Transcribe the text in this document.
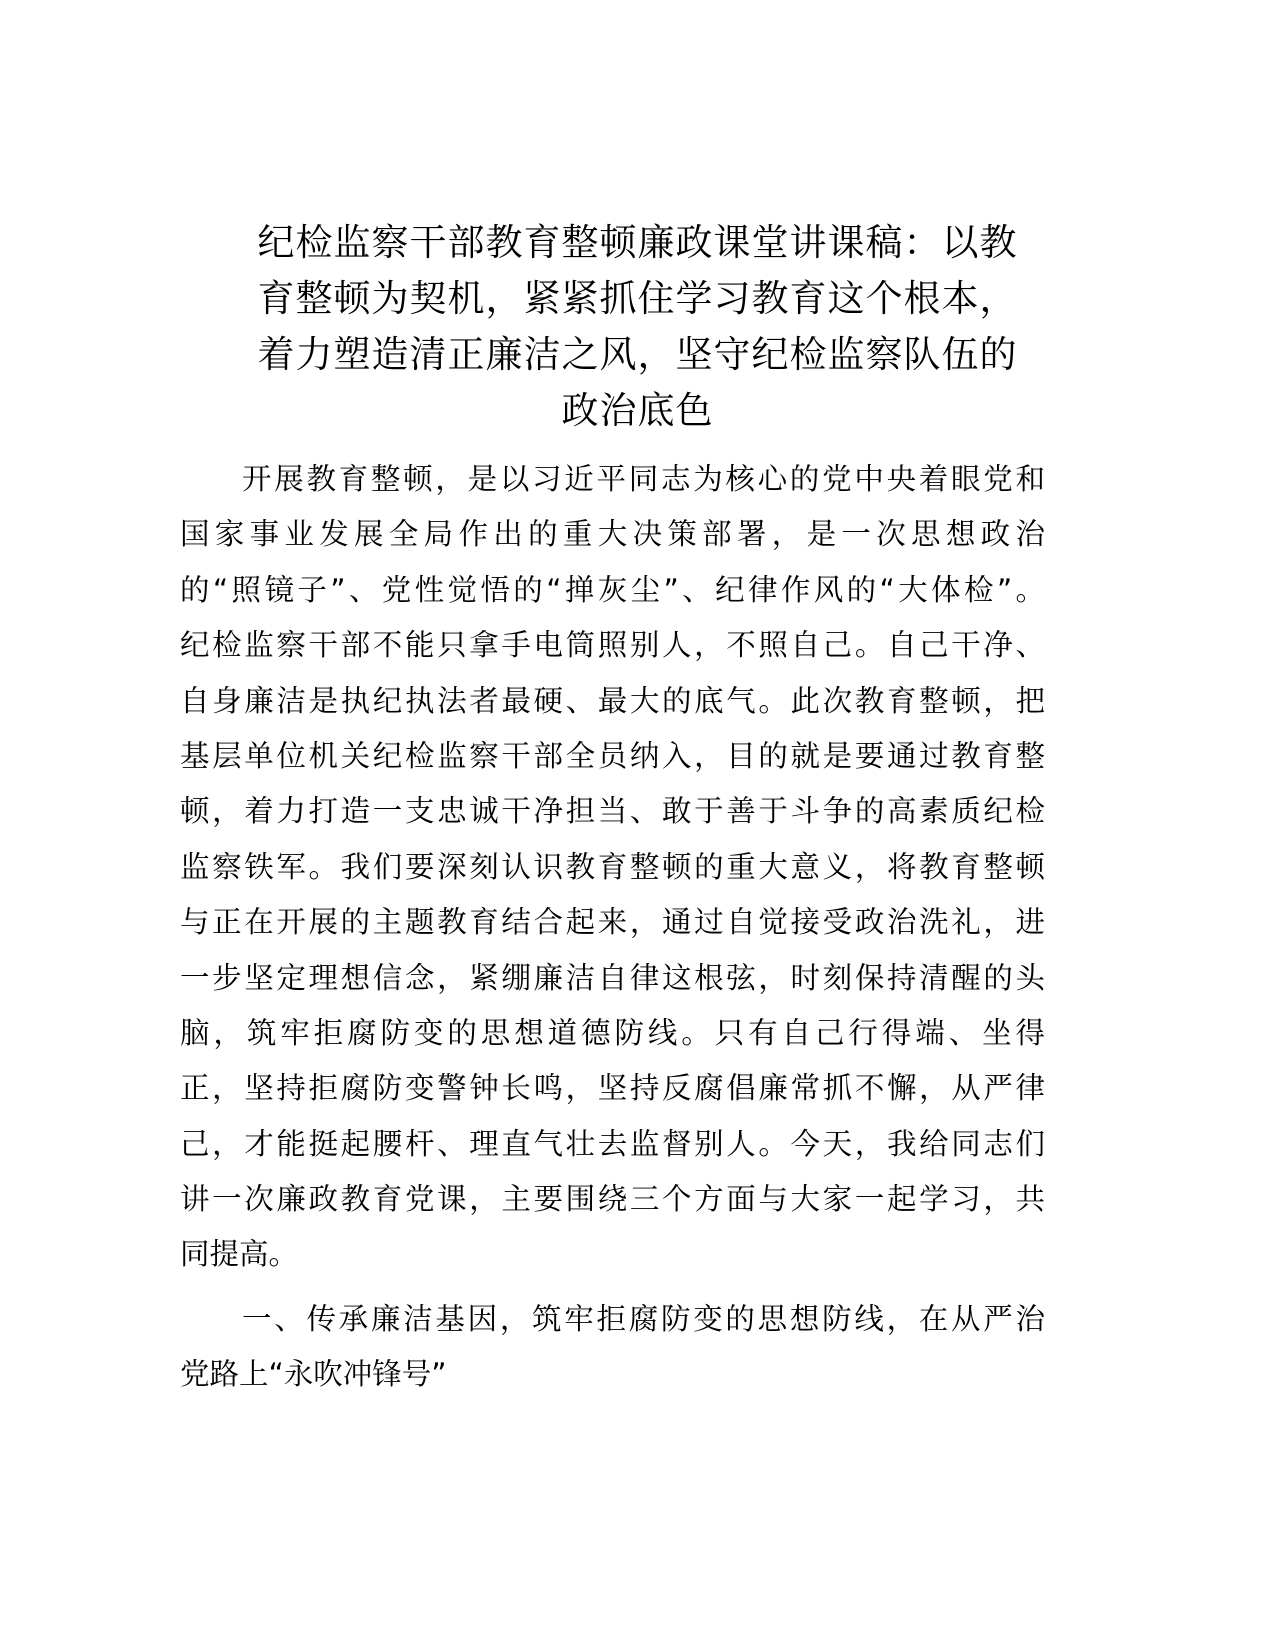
纪检监察干部教育整顿廉政课堂讲课稿：以教
育整顿为契机，紧紧抓住学习教育这个根本，
着力塑造清正廉洁之风，坚守纪检监察队伍的
政治底色
开展教育整顿，是以习近平同志为核心的党中央着眼党和
国家事业发展全局作出的重大决策部署，是一次思想政治
的“照镜子”、党性觉悟的“掸灰尘”、纪律作风的“大体检”。
纪检监察干部不能只拿手电筒照别人，不照自己。自己干净、
自身廉洁是执纪执法者最硬、最大的底气。此次教育整顿，把
基层单位机关纪检监察干部全员纳入，目的就是要通过教育整
顿，着力打造一支忠诚干净担当、敢于善于斗争的高素质纪检
监察铁军。我们要深刻认识教育整顿的重大意义，将教育整顿
与正在开展的主题教育结合起来，通过自觉接受政治洗礼，进
一步坚定理想信念，紧绷廉洁自律这根弦，时刻保持清醒的头
脑，筑牢拒腐防变的思想道德防线。只有自己行得端、坐得
正，坚持拒腐防变警钟长鸣，坚持反腐倡廉常抓不懈，从严律
己，才能挺起腰杆、理直气壮去监督别人。今天，我给同志们
讲一次廉政教育党课，主要围绕三个方面与大家一起学习，共
同提高。
一、传承廉洁基因，筑牢拒腐防变的思想防线，在从严治
党路上“永吹冲锋号”
